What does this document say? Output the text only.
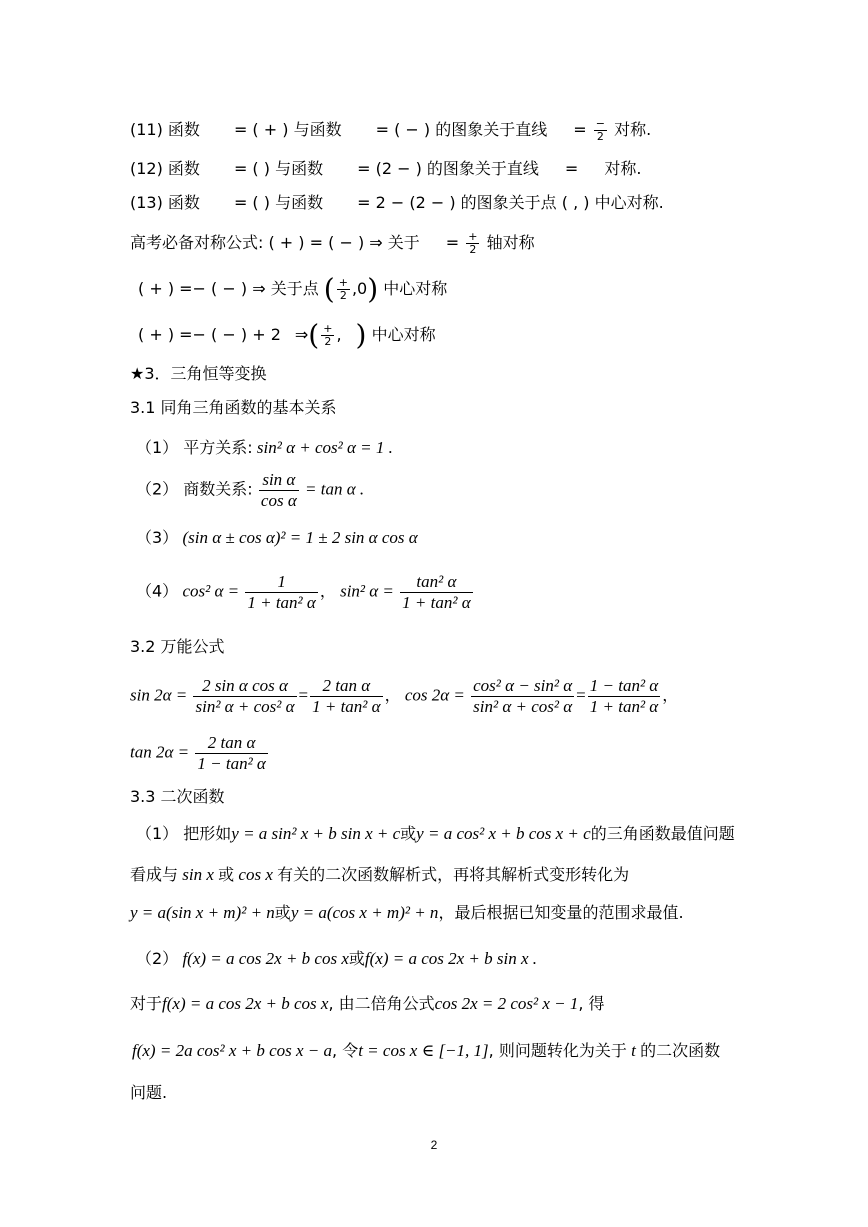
(11) 函数 = ( + ) 与函数 = ( − ) 的图象关于直线 = $\frac{-}{2}$ 对称.
(12) 函数 = ( ) 与函数 = (2 − ) 的图象关于直线 = 对称.
(13) 函数 = ( ) 与函数 = 2 − (2 − ) 的图象关于点 ( , ) 中心对称.
高考必备对称公式: ( + ) = ( − ) ⇒ 关于 = $\frac{+}{2}$ 轴对称
( + ) =− ( − ) ⇒ 关于点 ( $\frac{+}{2} ,0$) 中心对称
( + ) =− ( − ) + 2 ⇒( $\frac{+}{2}$ , ) 中心对称
★3．三角恒等变换
3.1 同角三角函数的基本关系
（1） 平方关系: sin² α + cos² α = 1 .
（2） 商数关系: $\frac{\text{sin α}}{\text{cos α}} = \tan \alpha$ .
（3） (sin α ± cos α)² = 1 ± 2 sin α cos α
（4） cos² $\alpha = \frac{1}{\text{1 + tan² α}}$ ， sin² $\alpha = \frac{\text{tan² α}}{\text{1 + tan² α}}$
3.2 万能公式
$\sin 2\alpha = \frac{\text{2 sin α cos α}}{\text{sin² α + cos² α}} = \frac{\text{2 tan α}}{\text{1 + tan² α}}$ ， $\cos 2\alpha = \frac{\text{cos² α − sin² α}}{\text{sin² α + cos² α}} = \frac{\text{1 − tan² α}}{\text{1 + tan² α}}$ ，
$\tan 2\alpha = \frac{\text{2 tan α}}{\text{1 − tan² α}}$
3.3 二次函数
（1） 把形如y = a sin² x + b sin x + c或y = a cos² x + b cos x + c的三角函数最值问题
看成与 sin x 或 cos x 有关的二次函数解析式，再将其解析式变形转化为
y = a(sin x + m)² + n或y = a(cos x + m)² + n，最后根据已知变量的范围求最值.
（2） f(x) = a cos 2x + b cos x或f(x) = a cos 2x + b sin x .
对于f(x) = a cos 2x + b cos x, 由二倍角公式cos 2x = 2 cos² x − 1, 得
f(x) = 2a cos² x + b cos x − a, 令t = cos x ∈ [−1, 1], 则问题转化为关于 t 的二次函数
问题.
2
